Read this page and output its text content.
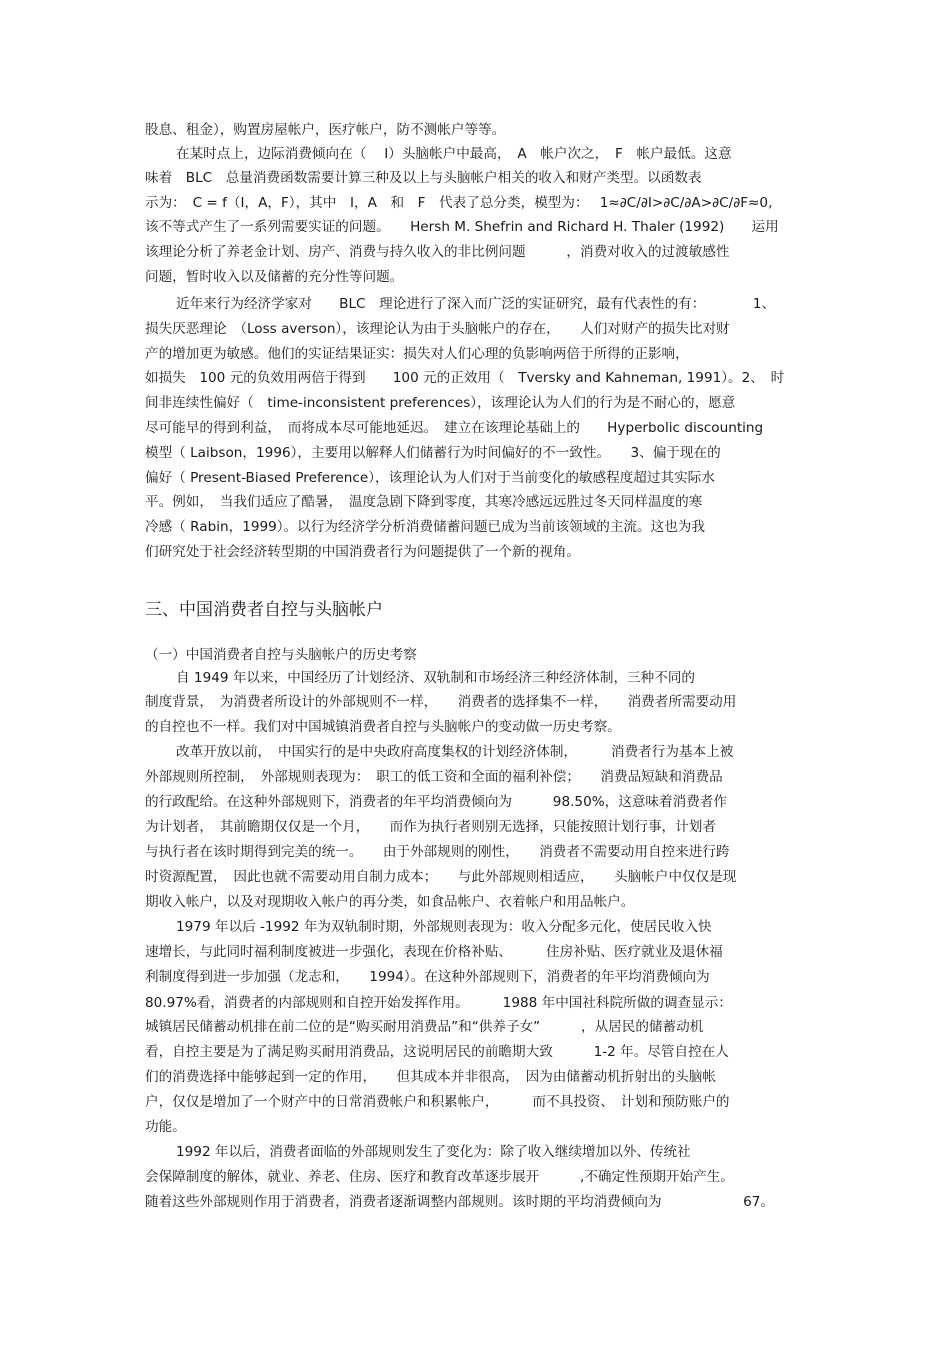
股息、租金），购置房屋帐户，医疗帐户，防不测帐户等等。
在某时点上，边际消费倾向在（　 I）头脑帐户中最高，　A　帐户次之，　F　帐户最低。这意
味着　BLC　总量消费函数需要计算三种及以上与头脑帐户相关的收入和财产类型。以函数表
示为：　C = f（I，A，F），其中　I，A　和　F　代表了总分类，模型为：　 1≈∂C/∂I>∂C/∂A>∂C/∂F≈0,
该不等式产生了一系列需要实证的问题。　　Hersh M. Shefrin and Richard H. Thaler (1992)　　运用
该理论分析了养老金计划、房产、消费与持久收入的非比例问题　　　，消费对收入的过渡敏感性
问题，暂时收入以及储蓄的充分性等问题。
近年来行为经济学家对　　BLC　理论进行了深入而广泛的实证研究，最有代表性的有：　　　　1、
损失厌恶理论　（Loss averson），该理论认为由于头脑帐户的存在，　　人们对财产的损失比对财
产的增加更为敏感。他们的实证结果证实：损失对人们心理的负影响两倍于所得的正影响，
如损失　100 元的负效用两倍于得到　　100 元的正效用（　Tversky and Kahneman, 1991）。2、　时
间非连续性偏好（　time-inconsistent preferences），该理论认为人们的行为是不耐心的，愿意
尽可能早的得到利益，　而将成本尽可能地延迟。　建立在该理论基础上的　　Hyperbolic discounting
模型（ Laibson，1996），主要用以解释人们储蓄行为时间偏好的不一致性。　　3、偏于现在的
偏好（ Present-Biased Preference），该理论认为人们对于当前变化的敏感程度超过其实际水
平。例如，　当我们适应了酷暑，　温度急剧下降到零度，其寒冷感远远胜过冬天同样温度的寒
冷感（ Rabin，1999）。以行为经济学分析消费储蓄问题已成为当前该领域的主流。这也为我
们研究处于社会经济转型期的中国消费者行为问题提供了一个新的视角。
三、中国消费者自控与头脑帐户
（一）中国消费者自控与头脑帐户的历史考察
自 1949 年以来，中国经历了计划经济、双轨制和市场经济三种经济体制，三种不同的
制度背景，　为消费者所设计的外部规则不一样，　　消费者的选择集不一样，　　消费者所需要动用
的自控也不一样。我们对中国城镇消费者自控与头脑帐户的变动做一历史考察。
改革开放以前，　中国实行的是中央政府高度集权的计划经济体制，　　　消费者行为基本上被
外部规则所控制，　外部规则表现为：　职工的低工资和全面的福利补偿；　　消费品短缺和消费品
的行政配给。在这种外部规则下，消费者的年平均消费倾向为　　　98.50%，这意味着消费者作
为计划者，　其前瞻期仅仅是一个月，　　而作为执行者则别无选择，只能按照计划行事，计划者
与执行者在该时期得到完美的统一。　　由于外部规则的刚性，　　消费者不需要动用自控来进行跨
时资源配置，　因此也就不需要动用自制力成本；　　与此外部规则相适应，　　头脑帐户中仅仅是现
期收入帐户，以及对现期收入帐户的再分类，如食品帐户、衣着帐户和用品帐户。
1979 年以后 -1992 年为双轨制时期，外部规则表现为：收入分配多元化，使居民收入快
速增长，与此同时福利制度被进一步强化，表现在价格补贴、　　　住房补贴、医疗就业及退休福
利制度得到进一步加强（龙志和，　　1994）。在这种外部规则下，消费者的年平均消费倾向为
80.97%看，消费者的内部规则和自控开始发挥作用。　　　1988 年中国社科院所做的调查显示：
城镇居民储蓄动机排在前二位的是“购买耐用消费品”和“供养子女”　　　，从居民的储蓄动机
看，自控主要是为了满足购买耐用消费品，这说明居民的前瞻期大致　　　1-2 年。尽管自控在人
们的消费选择中能够起到一定的作用，　　但其成本并非很高，　因为由储蓄动机折射出的头脑帐
户，仅仅是增加了一个财产中的日常消费帐户和积累帐户，　　　而不具投资、　计划和预防账户的
功能。
1992 年以后，消费者面临的外部规则发生了变化为：除了收入继续增加以外、传统社
会保障制度的解体，就业、养老、住房、医疗和教育改革逐步展开　　　,不确定性预期开始产生。
随着这些外部规则作用于消费者，消费者逐渐调整内部规则。该时期的平均消费倾向为　　　　　　67。
